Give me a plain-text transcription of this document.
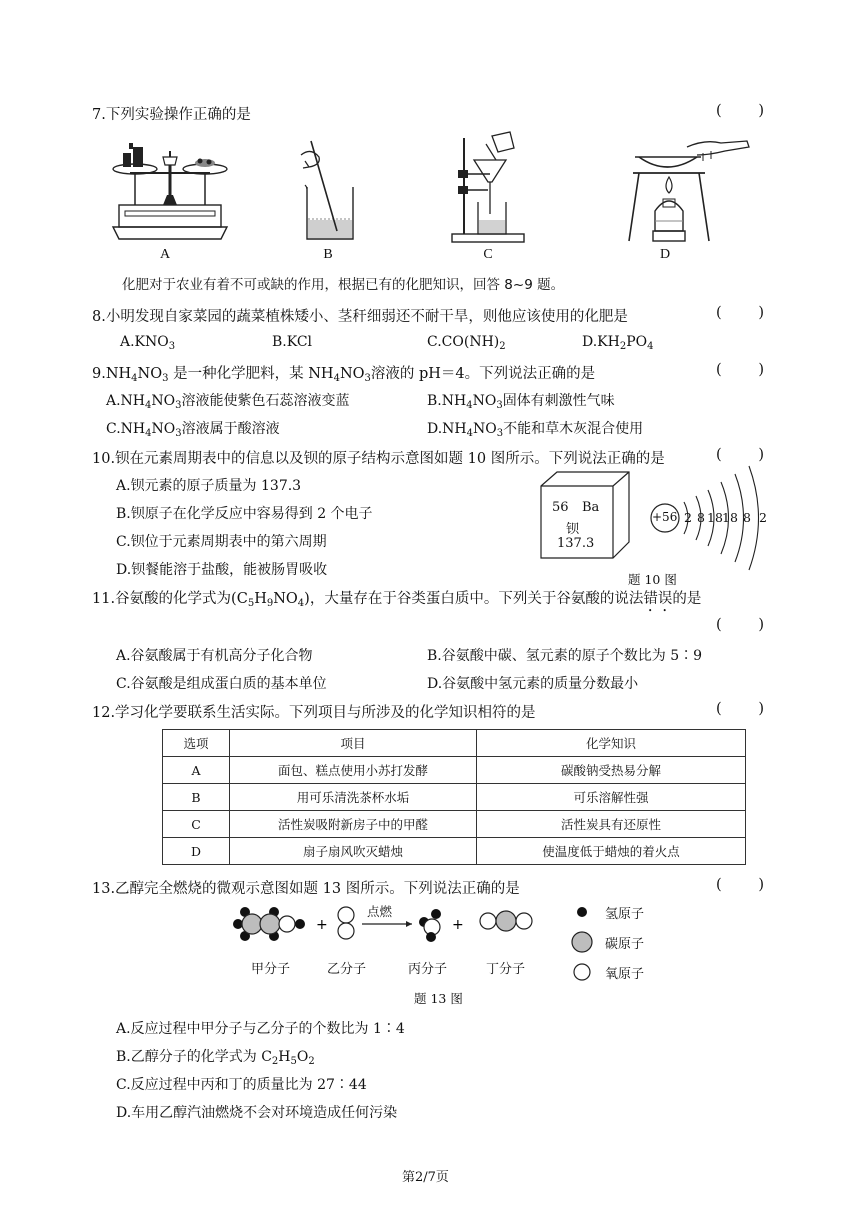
7.下列实验操作正确的是	(	)
A	B	C	D
化肥对于农业有着不可或缺的作用，根据已有的化肥知识，回答 8~9 题。
8.小明发现自家菜园的蔬菜植株矮小、茎秆细弱还不耐干旱，则他应该使用的化肥是	(	)
$A.KNO_3$	B.KCl	$C.CO(NH)_2$	$D.KH_2PO_4$
$9.NH_4NO_3$ 是一种化学肥料，某 $NH_4NO_3$溶液的 pH＝4。下列说法正确的是	(	)
$A.NH_4NO_3$溶液能使紫色石蕊溶液变蓝	$B.NH_4NO_3$固体有刺激性气味
$C.NH_4NO_3$溶液属于酸溶液	$D.NH_4NO_3$不能和草木灰混合使用
10.钡在元素周期表中的信息以及钡的原子结构示意图如题 10 图所示。下列说法正确的是	(	)
A.钡元素的原子质量为 137.3
B.钡原子在化学反应中容易得到 2 个电子
C.钡位于元素周期表中的第六周期
D.钡餐能溶于盐酸，能被肠胃吸收
56 Ba
钡
137.3
+56 2 8 18 18 8 2
题 10 图
11.谷氨酸的化学式为$(C_5H_9NO_4)$，大量存在于谷类蛋白质中。下列关于谷氨酸的说法错误的是
(	)
A.谷氨酸属于有机高分子化合物	B.谷氨酸中碳、氢元素的原子个数比为 5∶9
C.谷氨酸是组成蛋白质的基本单位	D.谷氨酸中氢元素的质量分数最小
12.学习化学要联系生活实际。下列项目与所涉及的化学知识相符的是	(	)
选项	项目	化学知识
A	面包、糕点使用小苏打发酵	碳酸钠受热易分解
B	用可乐清洗茶杯水垢	可乐溶解性强
C	活性炭吸附新房子中的甲醛	活性炭具有还原性
D	扇子扇风吹灭蜡烛	使温度低于蜡烛的着火点
13.乙醇完全燃烧的微观示意图如题 13 图所示。下列说法正确的是	(	)
+	+
点燃
甲分子	乙分子	丙分子	丁分子
氢原子
碳原子
氧原子
题 13 图
A.反应过程中甲分子与乙分子的个数比为 1∶4
B.乙醇分子的化学式为 $C_2H_5O_2$
C.反应过程中丙和丁的质量比为 27∶44
D.车用乙醇汽油燃烧不会对环境造成任何污染
第2/7页
